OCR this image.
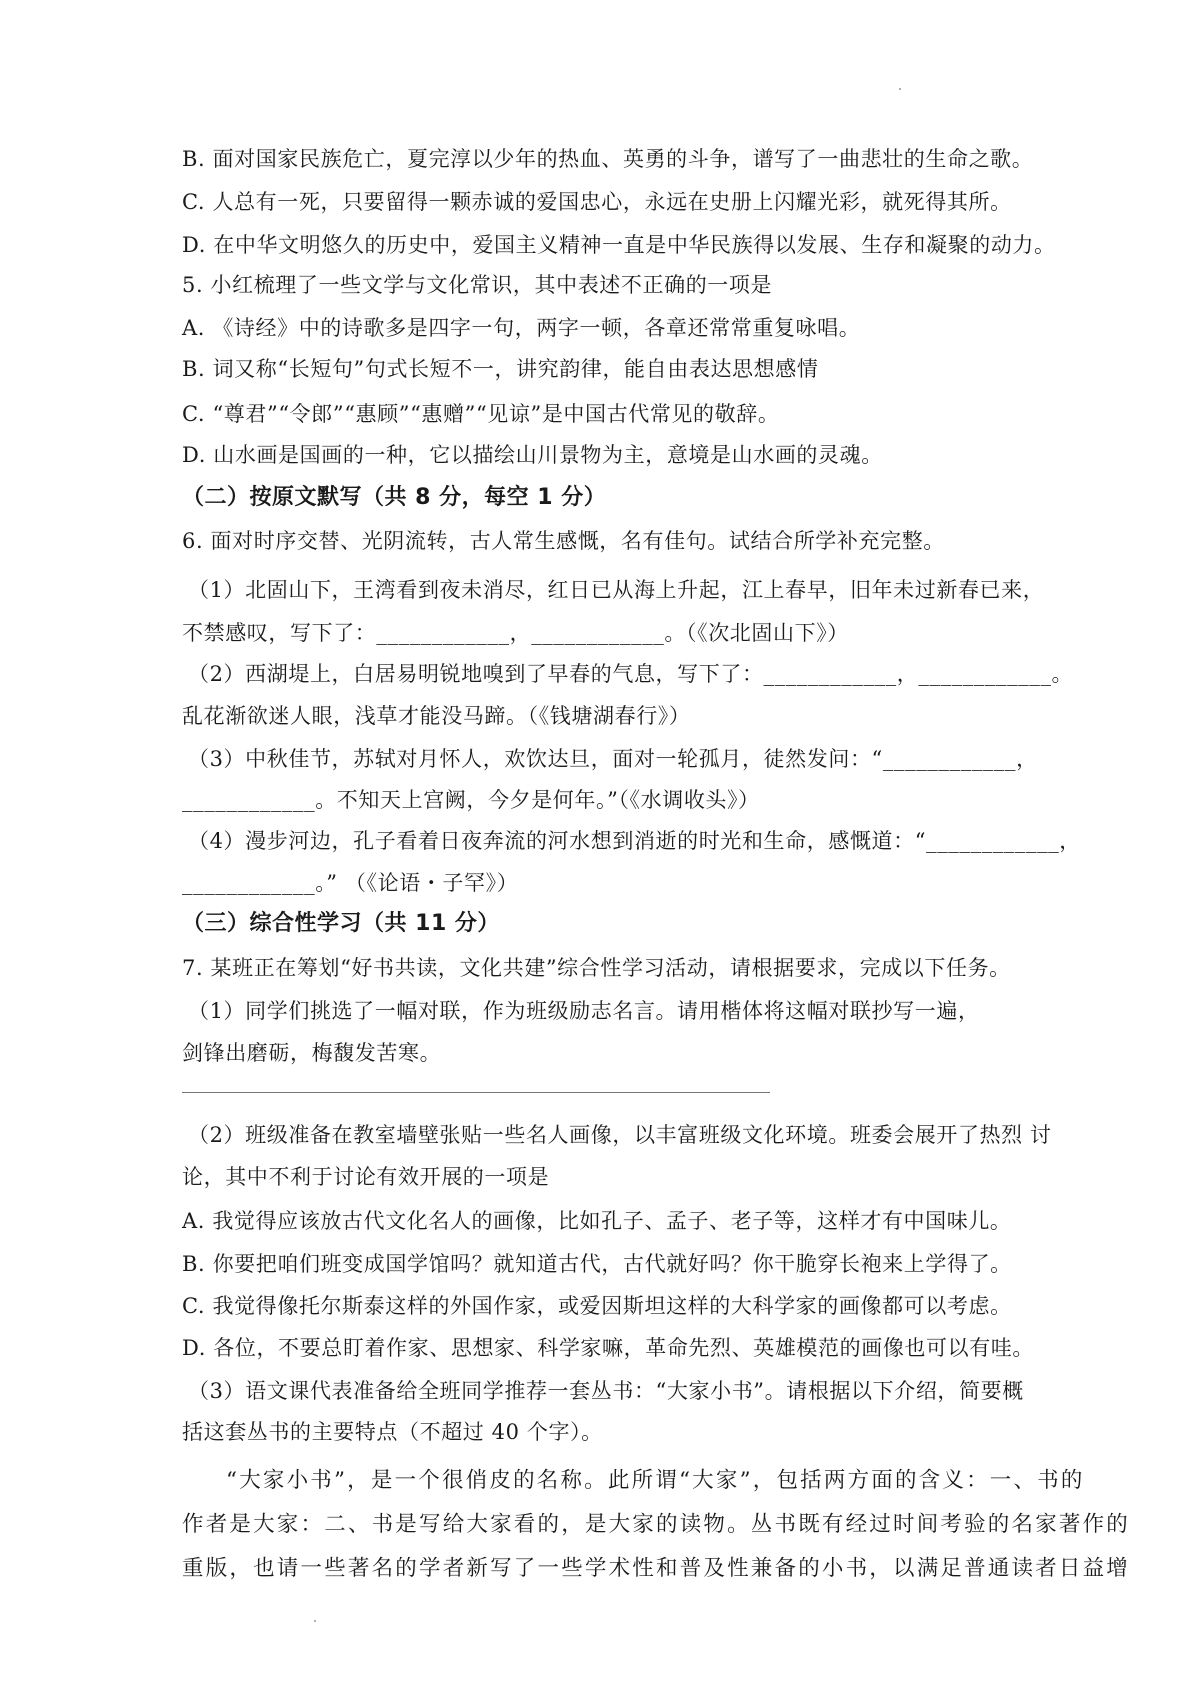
B. 面对国家民族危亡，夏完淳以少年的热血、英勇的斗争，谱写了一曲悲壮的生命之歌。
C. 人总有一死，只要留得一颗赤诚的爱国忠心，永远在史册上闪耀光彩，就死得其所。
D. 在中华文明悠久的历史中，爱国主义精神一直是中华民族得以发展、生存和凝聚的动力。
5. 小红梳理了一些文学与文化常识，其中表述不正确的一项是
A. 《诗经》中的诗歌多是四字一句，两字一顿，各章还常常重复咏唱。
B. 词又称“长短句”句式长短不一，讲究韵律，能自由表达思想感情
C. “尊君”“令郎”“惠顾”“惠赠”“见谅”是中国古代常见的敬辞。
D. 山水画是国画的一种，它以描绘山川景物为主，意境是山水画的灵魂。
（二）按原文默写（共 8 分，每空 1 分）
6. 面对时序交替、光阴流转，古人常生感慨，名有佳句。试结合所学补充完整。
（1）北固山下，王湾看到夜未消尽，红日已从海上升起，江上春早，旧年未过新春已来，
不禁感叹，写下了：____________，____________。（《次北固山下》）
（2）西湖堤上，白居易明锐地嗅到了早春的气息，写下了：____________，____________。
乱花渐欲迷人眼，浅草才能没马蹄。（《钱塘湖春行》）
（3）中秋佳节，苏轼对月怀人，欢饮达旦，面对一轮孤月，徒然发问：“____________，
____________。不知天上宫阙，今夕是何年。”（《水调收头》）
（4）漫步河边，孔子看着日夜奔流的河水想到消逝的时光和生命，感慨道：“____________，
____________。” （《论语・子罕》）
（三）综合性学习（共 11 分）
7. 某班正在筹划“好书共读，文化共建”综合性学习活动，请根据要求，完成以下任务。
（1）同学们挑选了一幅对联，作为班级励志名言。请用楷体将这幅对联抄写一遍，
剑锋出磨砺，梅馥发苦寒。
（2）班级准备在教室墙壁张贴一些名人画像，以丰富班级文化环境。班委会展开了热烈 讨
论，其中不利于讨论有效开展的一项是
A. 我觉得应该放古代文化名人的画像，比如孔子、孟子、老子等，这样才有中国味儿。
B. 你要把咱们班变成国学馆吗？就知道古代，古代就好吗？你干脆穿长袍来上学得了。
C. 我觉得像托尔斯泰这样的外国作家，或爱因斯坦这样的大科学家的画像都可以考虑。
D. 各位，不要总盯着作家、思想家、科学家嘛，革命先烈、英雄模范的画像也可以有哇。
（3）语文课代表准备给全班同学推荐一套丛书：“大家小书”。请根据以下介绍，简要概
括这套丛书的主要特点（不超过 40 个字）。
“大家小书”，是一个很俏皮的名称。此所谓“大家”，包括两方面的含义：一、书的
作者是大家：二、书是写给大家看的，是大家的读物。丛书既有经过时间考验的名家著作的
重版，也请一些著名的学者新写了一些学术性和普及性兼备的小书，以满足普通读者日益增
